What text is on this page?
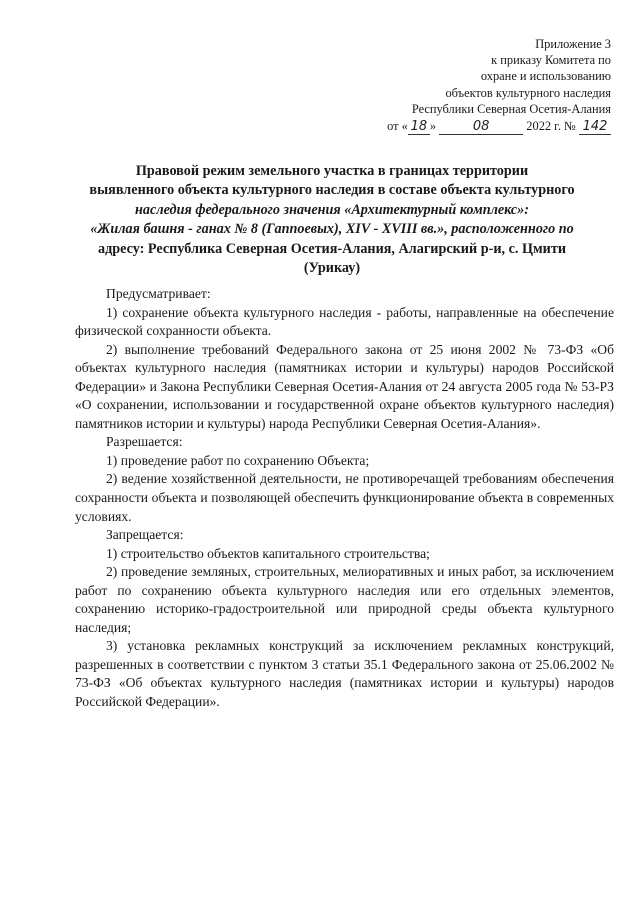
Приложение 3
к приказу Комитета по
охране и использованию
объектов культурного наследия
Республики Северная Осетия-Алания
от « 18 »	08	2022 г. № 142
Правовой режим земельного участка в границах территории
выявленного объекта культурного наследия в составе объекта культурного
наследия федерального значения «Архитектурный комплекс»:
«Жилая башня - ганах № 8 (Гаппоевых), XIV - XVIII вв.», расположенного по
адресу: Республика Северная Осетия-Алания, Алагирский р-и, с. Цмити
(Урикау)

Предусматривает:

1) сохранение объекта культурного наследия - работы, направленные на обеспечение физической сохранности объекта.

2) выполнение требований Федерального закона от 25 июня 2002 № 73-ФЗ «Об объектах культурного наследия (памятниках истории и культуры) народов Российской Федерации» и Закона Республики Северная Осетия-Алания от 24 августа 2005 года № 53-РЗ «О сохранении, использовании и государственной охране объектов культурного наследия) памятников истории и культуры) народа Республики Северная Осетия-Алания».

Разрешается:

1) проведение работ по сохранению Объекта;

2) ведение хозяйственной деятельности, не противоречащей требованиям обеспечения сохранности объекта и позволяющей обеспечить функционирование объекта в современных условиях.

Запрещается:

1) строительство объектов капитального строительства;

2) проведение земляных, строительных, мелиоративных и иных работ, за исключением работ по сохранению объекта культурного наследия или его отдельных элементов, сохранению историко-градостроительной или природной среды объекта культурного наследия;

3) установка рекламных конструкций за исключением рекламных конструкций, разрешенных в соответствии с пунктом 3 статьи 35.1 Федерального закона от 25.06.2002 № 73-ФЗ «Об объектах культурного наследия (памятниках истории и культуры) народов Российской Федерации».
